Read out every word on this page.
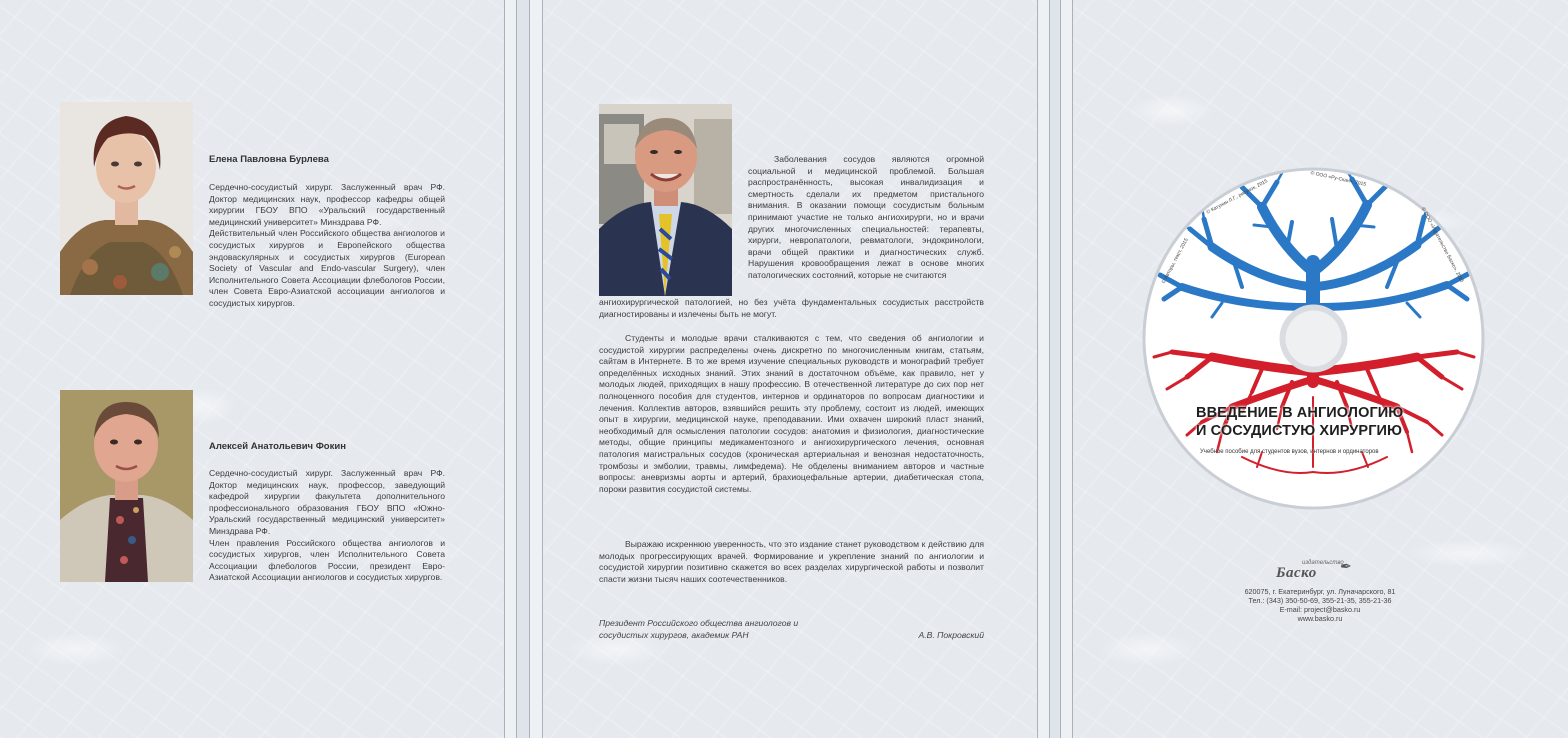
Елена Павловна Бурлева

Сердечно-сосудистый хирург. Заслуженный врач РФ. Доктор медицинских наук, профессор кафедры общей хирургии ГБОУ ВПО «Уральский государственный медицинский университет» Минздрава РФ.

Действительный член Российского общества ангиологов и сосудистых хирургов и Европейского общества эндоваскулярных и сосудистых хирургов (European Society of Vascular and Endo-vascular Surgery), член Исполнительного Совета Ассоциации флебологов России, член Совета Евро-Азиатской ассоциации ангиологов и сосудистых хирургов.

Алексей Анатольевич Фокин

Сердечно-сосудистый хирург. Заслуженный врач РФ. Доктор медицинских наук, профессор, заведующий кафедрой хирургии факультета дополнительного профессионального образования ГБОУ ВПО «Южно-Уральский государственный медицинский университет» Минздрава РФ.

Член правления Российского общества ангиологов и сосудистых хирургов, член Исполнительного Совета Ассоциации флебологов России, президент Евро-Азиатской Ассоциации ангиологов и сосудистых хирургов.

Заболевания сосудов являются огромной социальной и медицинской проблемой. Большая распространённость, высокая инвалидизация и смертность сделали их предметом пристального внимания. В оказании помощи сосудистым больным принимают участие не только ангиохирурги, но и врачи других многочисленных специальностей: терапевты, хирурги, невропатологи, ревматологи, эндокринологи, врачи общей практики и диагностических служб. Нарушения кровообращения лежат в основе многих патологических состояний, которые не считаются

ангиохирургической патологией, но без учёта фундаментальных сосудистых расстройств диагностированы и излечены быть не могут.

Студенты и молодые врачи сталкиваются с тем, что сведения об ангиологии и сосудистой хирургии распределены очень дискретно по многочисленным книгам, статьям, сайтам в Интернете. В то же время изучение специальных руководств и монографий требует определённых исходных знаний. Этих знаний в достаточном объёме, как правило, нет у молодых людей, приходящих в нашу профессию. В отечественной литературе до сих пор нет полноценного пособия для студентов, интернов и ординаторов по вопросам диагностики и лечения. Коллектив авторов, взявшийся решить эту проблему, состоит из людей, имеющих опыт в хирургии, медицинской науке, преподавании. Ими охвачен широкий пласт знаний, необходимый для осмысления патологии сосудов: анатомия и физиология, диагностические методы, общие принципы медикаментозного и ангиохирургического лечения, основная патология магистральных сосудов (хроническая артериальная и венозная недостаточность, тромбозы и эмболии, травмы, лимфедема). Не обделены вниманием авторов и частные вопросы: аневризмы аорты и артерий, брахиоцефальные артерии, диабетическая стопа, пороки развития сосудистой системы.

Выражаю искреннюю уверенность, что это издание станет руководством к действию для молодых прогрессирующих врачей. Формирование и укрепление знаний по ангиологии и сосудистой хирургии позитивно скажется во всех разделах хирургической работы и позволит спасти жизни тысяч наших соотечественников.

Президент Российского общества ангиологов и сосудистых хирургов, академик РАН	А.В. Покровский
ВВЕДЕНИЕ В АНГИОЛОГИЮ
И СОСУДИСТУЮ ХИРУРГИЮ
Учебное пособие для студентов вузов, интернов и ординаторов
© ООО «Ру-Скан», 2015
© Катунин Л.Г., рисунок, 2015
© ООО «Издательство Баско», 2015
© Авторы, текст, 2015
издательство
Баско ✒
620075, г. Екатеринбург, ул. Луначарского, 81
Тел.: (343) 350-50-69, 355-21-35, 355-21-36
E-mail: project@basko.ru
www.basko.ru
